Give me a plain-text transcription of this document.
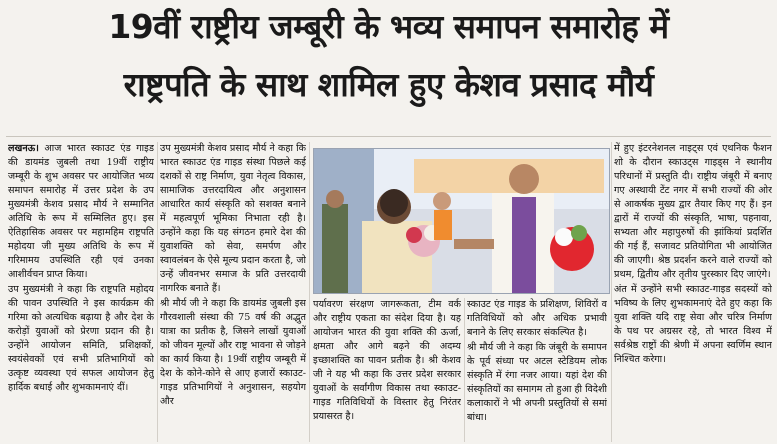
19वीं राष्ट्रीय जम्बूरी के भव्य समापन समारोह में
राष्ट्रपति के साथ शामिल हुए केशव प्रसाद मौर्य

लखनऊ। आज भारत स्काउट एंड गाइड की डायमंड जुबली तथा 19वीं राष्ट्रीय जम्बूरी के शुभ अवसर पर आयोजित भव्य समापन समारोह में उत्तर प्रदेश के उप मुख्यमंत्री केशव प्रसाद मौर्य ने सम्मानित अतिथि के रूप में सम्मिलित हुए। इस ऐतिहासिक अवसर पर महामहिम राष्ट्रपति महोदया जी मुख्य अतिथि के रूप में गरिमामय उपस्थिति रही एवं उनका आशीर्वचन प्राप्त किया।

उप मुख्यमंत्री ने कहा कि राष्ट्रपति महोदय की पावन उपस्थिति ने इस कार्यक्रम की गरिमा को अत्यधिक बढ़ाया है और देश के करोड़ों युवाओं को प्रेरणा प्रदान की है। उन्होंने आयोजन समिति, प्रशिक्षकों, स्वयंसेवकों एवं सभी प्रतिभागियों को उत्कृष्ट व्यवस्था एवं सफल आयोजन हेतु हार्दिक बधाई और शुभकामनाएं दीं।

उप मुख्यमंत्री केशव प्रसाद मौर्य ने कहा कि भारत स्काउट एंड गाइड संस्था पिछले कई दशकों से राष्ट्र निर्माण, युवा नेतृत्व विकास, सामाजिक उत्तरदायित्व और अनुशासन आधारित कार्य संस्कृति को सशक्त बनाने में महत्वपूर्ण भूमिका निभाता रही है। उन्होंने कहा कि यह संगठन हमारे देश की युवाशक्ति को सेवा, समर्पण और स्वावलंबन के ऐसे मूल्य प्रदान करता है, जो उन्हें जीवनभर समाज के प्रति उत्तरदायी नागरिक बनाते हैं।

श्री मौर्य जी ने कहा कि डायमंड जुबली इस गौरवशाली संस्था की 75 वर्ष की अद्भुत यात्रा का प्रतीक है, जिसने लाखों युवाओं को जीवन मूल्यों और राष्ट्र भावना से जोड़ने का कार्य किया है। 19वीं राष्ट्रीय जम्बूरी में देश के कोने-कोने से आए हजारों स्काउट-गाइड प्रतिभागियों ने अनुशासन, सहयोग और

पर्यावरण संरक्षण जागरूकता, टीम वर्क और राष्ट्रीय एकता का संदेश दिया है। यह आयोजन भारत की युवा शक्ति की ऊर्जा, क्षमता और आगे बढ़ने की अदम्य इच्छाशक्ति का पावन प्रतीक है। श्री केशव जी ने यह भी कहा कि उत्तर प्रदेश सरकार युवाओं के सर्वांगीण विकास तथा स्काउट-गाइड गतिविधियों के विस्तार हेतु निरंतर प्रयासरत है।

स्काउट एंड गाइड के प्रशिक्षण, शिविरों व गतिविधियों को और अधिक प्रभावी बनाने के लिए सरकार संकल्पित है।

श्री मौर्य जी ने कहा कि जंबूरी के समापन के पूर्व संध्या पर अटल स्टेडियम लोक संस्कृति में रंगा नजर आया। यहां देश की संस्कृतियों का समागम तो हुआ ही विदेशी कलाकारों ने भी अपनी प्रस्तुतियों से समां बांधा।

में हुए इंटरनेशनल नाइट्स एवं एथनिक फैशन शो के दौरान स्काउट्स गाइड्स ने स्थानीय परिधानों में प्रस्तुति दी। राष्ट्रीय जंबूरी में बनाए गए अस्थायी टेंट नगर में सभी राज्यों की ओर से आकर्षक मुख्य द्वार तैयार किए गए हैं। इन द्वारों में राज्यों की संस्कृति, भाषा, पहनावा, सभ्यता और महापुरुषों की झांकियां प्रदर्शित की गई हैं, सजावट प्रतियोगिता भी आयोजित की जाएगी। श्रेष्ठ प्रदर्शन करने वाले राज्यों को प्रथम, द्वितीय और तृतीय पुरस्कार दिए जाएंगे।

अंत में उन्होंने सभी स्काउट-गाइड सदस्यों को भविष्य के लिए शुभकामनाएं देते हुए कहा कि युवा शक्ति यदि राष्ट्र सेवा और चरित्र निर्माण के पथ पर अग्रसर रहे, तो भारत विश्व में सर्वश्रेष्ठ राष्ट्रों की श्रेणी में अपना स्वर्णिम स्थान निश्चित करेगा।
